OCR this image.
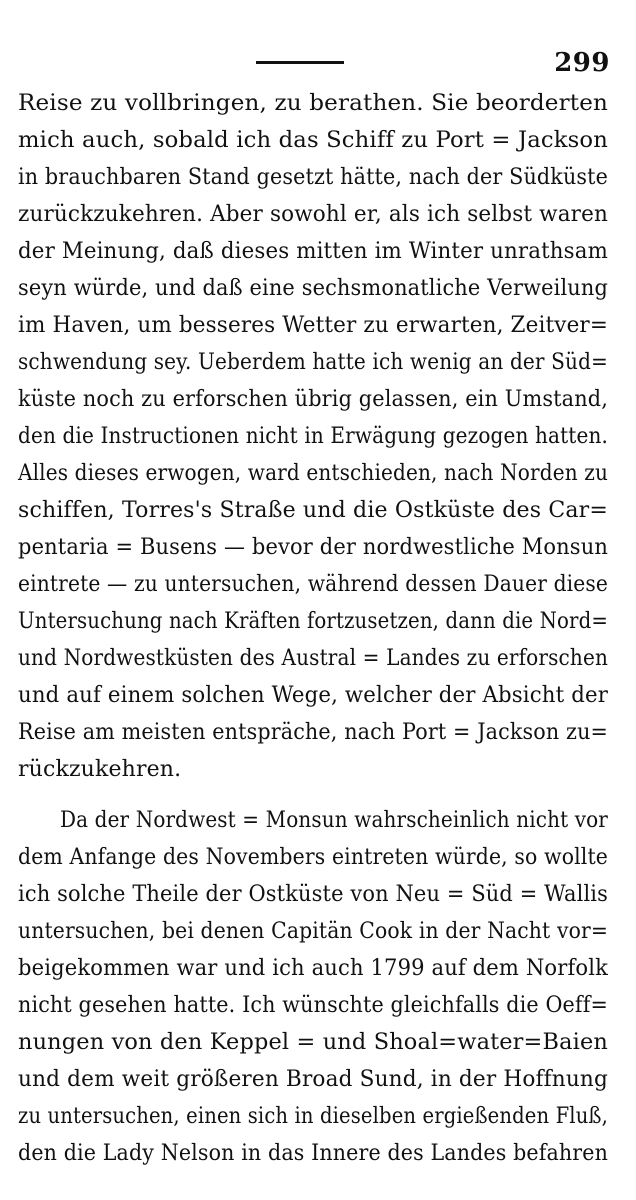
299
Reise zu vollbringen, zu berathen. Sie beorderten
mich auch, sobald ich das Schiff zu Port = Jackson
in brauchbaren Stand gesetzt hätte, nach der Südküste
zurückzukehren. Aber sowohl er, als ich selbst waren
der Meinung, daß dieses mitten im Winter unrathsam
seyn würde, und daß eine sechsmonatliche Verweilung
im Haven, um besseres Wetter zu erwarten, Zeitver=
schwendung sey. Ueberdem hatte ich wenig an der Süd=
küste noch zu erforschen übrig gelassen, ein Umstand,
den die Instructionen nicht in Erwägung gezogen hatten.
Alles dieses erwogen, ward entschieden, nach Norden zu
schiffen, Torres's Straße und die Ostküste des Car=
pentaria = Busens — bevor der nordwestliche Monsun
eintrete — zu untersuchen, während dessen Dauer diese
Untersuchung nach Kräften fortzusetzen, dann die Nord=
und Nordwestküsten des Austral = Landes zu erforschen
und auf einem solchen Wege, welcher der Absicht der
Reise am meisten entspräche, nach Port = Jackson zu=
rückzukehren.
Da der Nordwest = Monsun wahrscheinlich nicht vor
dem Anfange des Novembers eintreten würde, so wollte
ich solche Theile der Ostküste von Neu = Süd = Wallis
untersuchen, bei denen Capitän Cook in der Nacht vor=
beigekommen war und ich auch 1799 auf dem Norfolk
nicht gesehen hatte. Ich wünschte gleichfalls die Oeff=
nungen von den Keppel = und Shoal=water=Baien
und dem weit größeren Broad Sund, in der Hoffnung
zu untersuchen, einen sich in dieselben ergießenden Fluß,
den die Lady Nelson in das Innere des Landes befahren
